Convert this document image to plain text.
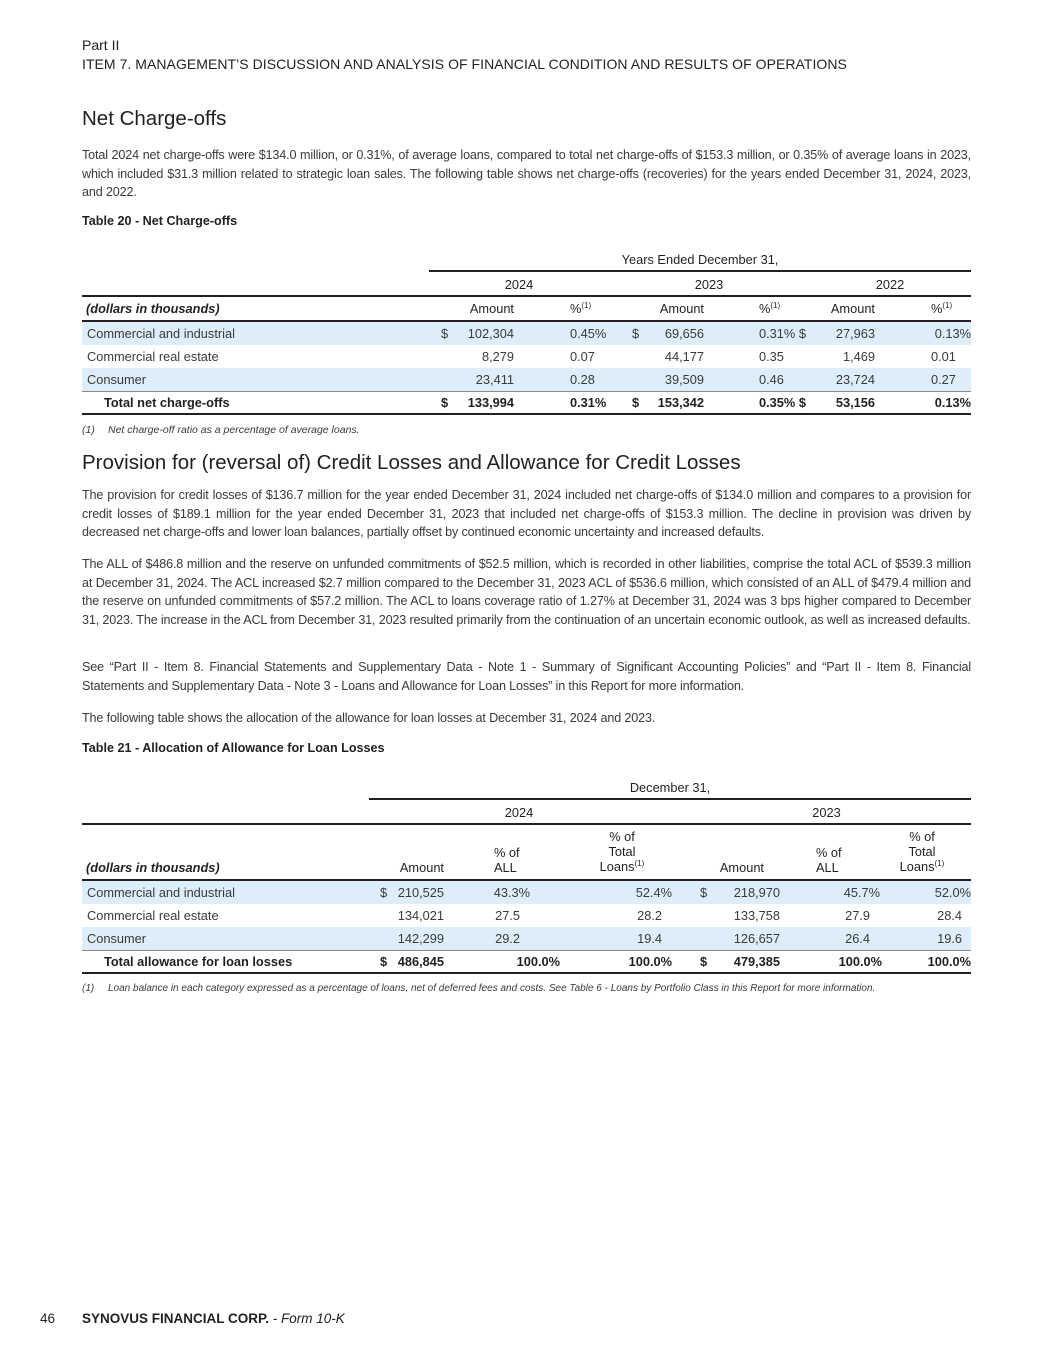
Part II
ITEM 7. MANAGEMENT’S DISCUSSION AND ANALYSIS OF FINANCIAL CONDITION AND RESULTS OF OPERATIONS
Net Charge-offs

Total 2024 net charge-offs were $134.0 million, or 0.31%, of average loans, compared to total net charge-offs of $153.3 million, or 0.35% of average loans in 2023, which included $31.3 million related to strategic loan sales. The following table shows net charge-offs (recoveries) for the years ended December 31, 2024, 2023, and 2022.

Table 20 - Net Charge-offs
Years Ended December 31,
2024	2023	2022
(dollars in thousands)	Amount	%$^{(1)}$	Amount	%$^{(1)}$	Amount	%$^{(1)}$
Commercial and industrial	$	102,304	0.45% $	69,656	0.31% $	27,963	0.13%
Commercial real estate	8,279	0.07	44,177	0.35	1,469	0.01
Consumer	23,411	0.28	39,509	0.46	23,724	0.27
Total net charge-offs	$	133,994	0.31% $	153,342	0.35% $	53,156	0.13%
(1) Net charge-off ratio as a percentage of average loans.
Provision for (reversal of) Credit Losses and Allowance for Credit Losses

The provision for credit losses of $136.7 million for the year ended December 31, 2024 included net charge-offs of $134.0 million and compares to a provision for credit losses of $189.1 million for the year ended December 31, 2023 that included net charge-offs of $153.3 million. The decline in provision was driven by decreased net charge-offs and lower loan balances, partially offset by continued economic uncertainty and increased defaults.

The ALL of $486.8 million and the reserve on unfunded commitments of $52.5 million, which is recorded in other liabilities, comprise the total ACL of $539.3 million at December 31, 2024. The ACL increased $2.7 million compared to the December 31, 2023 ACL of $536.6 million, which consisted of an ALL of $479.4 million and the reserve on unfunded commitments of $57.2 million. The ACL to loans coverage ratio of 1.27% at December 31, 2024 was 3 bps higher compared to December 31, 2023. The increase in the ACL from December 31, 2023 resulted primarily from the continuation of an uncertain economic outlook, as well as increased defaults.

See “Part II - Item 8. Financial Statements and Supplementary Data - Note 1 - Summary of Significant Accounting Policies” and “Part II - Item 8. Financial Statements and Supplementary Data - Note 3 - Loans and Allowance for Loan Losses” in this Report for more information.

The following table shows the allocation of the allowance for loan losses at December 31, 2024 and 2023.

Table 21 - Allocation of Allowance for Loan Losses
December 31,
2024	2023
(dollars in thousands)	Amount
% of
ALL
% of
Total
Loans$^{(1)}$	Amount
% of
ALL
% of
Total
Loans$^{(1)}$
Commercial and industrial	$ 210,525	43.3%	52.4% $	218,970	45.7%	52.0%
Commercial real estate	134,021	27.5	28.2	133,758	27.9	28.4
Consumer	142,299	29.2	19.4	126,657	26.4	19.6
Total allowance for loan losses	$ 486,845	100.0%	100.0% $	479,385	100.0%	100.0%
(1) Loan balance in each category expressed as a percentage of loans, net of deferred fees and costs. See Table 6 - Loans by Portfolio Class in this Report for more information.
46 SYNOVUS FINANCIAL CORP. - Form 10-K
